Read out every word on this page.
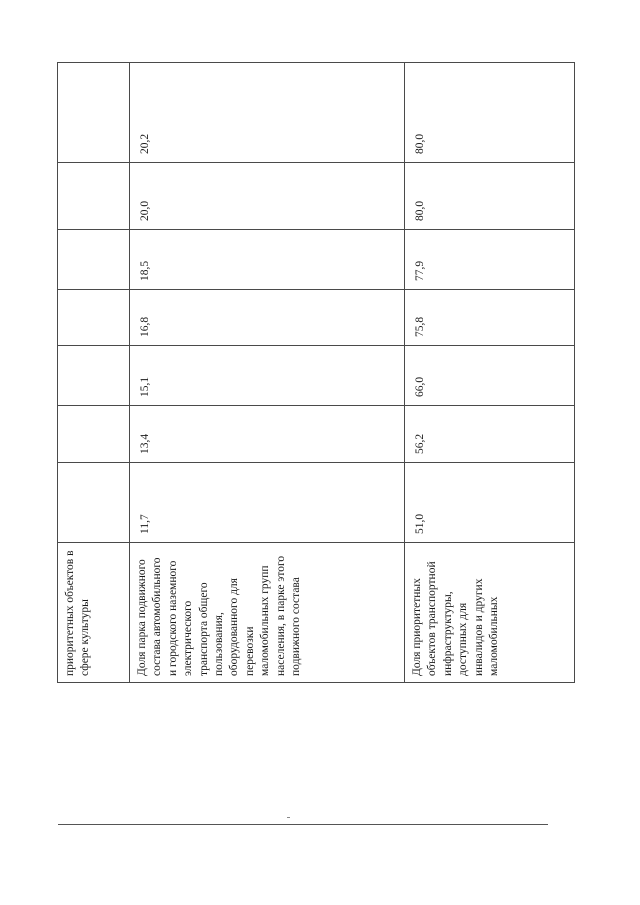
приоритетных объектов в сфере культуры							

Доля парка подвижного состава автомобильного и городского наземного электрического транспорта общего пользования, оборудованного для перевозки маломобильных групп населения, в парке этого подвижного состава	11,7	13,4	15,1	16,8	18,5	20,0	20,2

Доля приоритетных объектов транспортной инфраструктуры, доступных для инвалидов и других маломобильных	51,0	56,2	66,0	75,8	77,9	80,0	80,0
